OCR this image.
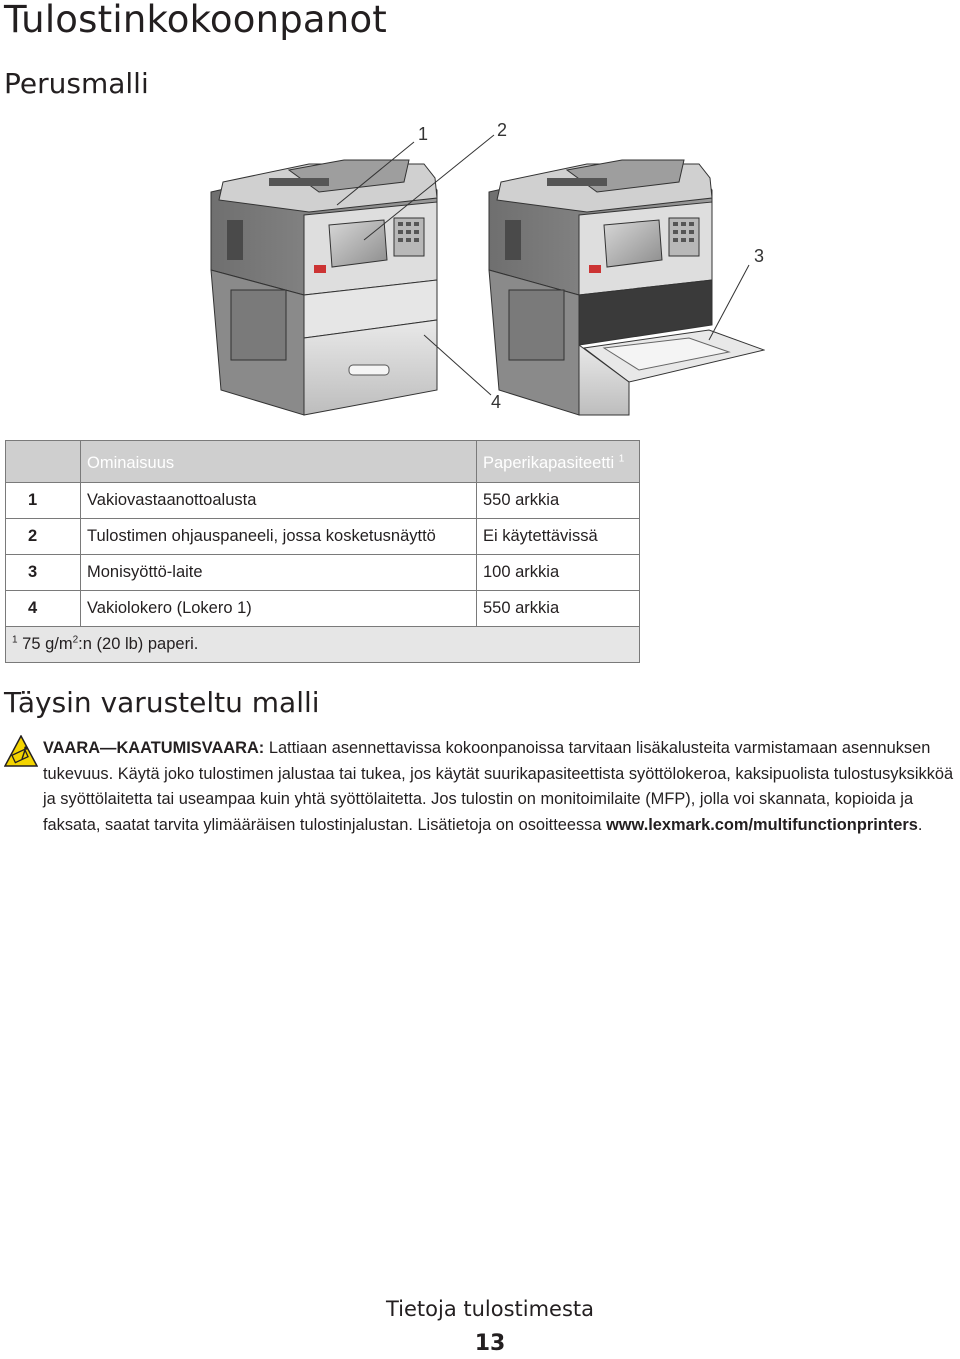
Tulostinkokoonpanot
Perusmalli
1	2
3
4
	Ominaisuus	Paperikapasiteetti $^1$
1	Vakiovastaanottoalusta	550 arkkia
2	Tulostimen ohjauspaneeli, jossa kosketusnäyttö	Ei käytettävissä
3	Monisyöttö-laite	100 arkkia
4	Vakiolokero (Lokero 1)	550 arkkia
$^1$ 75 $g/m^2:n$ (20 lb) paperi.		
Täysin varusteltu malli
VAARA—KAATUMISVAARA: Lattiaan asennettavissa kokoonpanoissa tarvitaan lisäkalusteita varmistamaan asennuksen tukevuus. Käytä joko tulostimen jalustaa tai tukea, jos käytät suurikapasiteettista syöttölokeroa, kaksipuolista tulostusyksikköä ja syöttölaitetta tai useampaa kuin yhtä syöttölaitetta. Jos tulostin on monitoimilaite (MFP), jolla voi skannata, kopioida ja faksata, saatat tarvita ylimääräisen tulostinjalustan. Lisätietoja on osoitteessa www.lexmark.com/multifunctionprinters.
Tietoja tulostimesta
13
